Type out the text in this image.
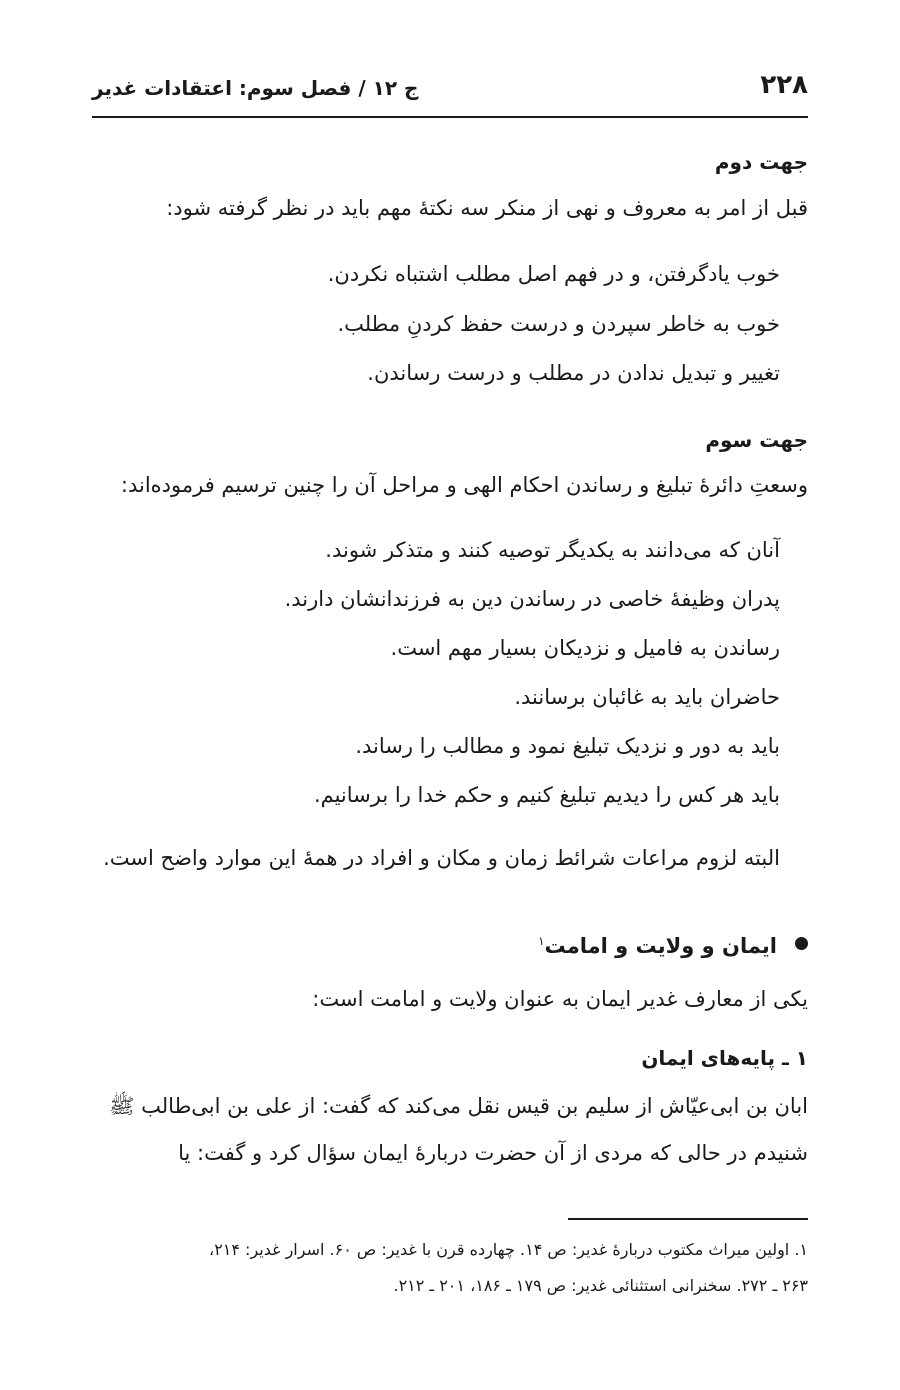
۲۲۸
ج ۱۲ / فصل سوم: اعتقادات غدیر
جهت دوم
قبل از امر به معروف و نهی از منکر سه نکتهٔ مهم باید در نظر گرفته شود:
خوب یادگرفتن، و در فهم اصل مطلب اشتباه نکردن.
خوب به خاطر سپردن و درست حفظ کردنِ مطلب.
تغییر و تبدیل ندادن در مطلب و درست رساندن.
جهت سوم
وسعتِ دائرهٔ تبلیغ و رساندن احکام الهی و مراحل آن را چنین ترسیم فرموده‌اند:
آنان که می‌دانند به یکدیگر توصیه کنند و متذکر شوند.
پدران وظیفهٔ خاصی در رساندن دین به فرزندانشان دارند.
رساندن به فامیل و نزدیکان بسیار مهم است.
حاضران باید به غائبان برسانند.
باید به دور و نزدیک تبلیغ نمود و مطالب را رساند.
باید هر کس را دیدیم تبلیغ کنیم و حکم خدا را برسانیم.
البته لزوم مراعات شرائط زمان و مکان و افراد در همهٔ این موارد واضح است.
ایمان و ولایت و امامت$^۱$
یکی از معارف غدیر ایمان به عنوان ولایت و امامت است:
۱ ـ پایه‌های ایمان
ابان بن ابی‌عیّاش از سلیم بن قیس نقل می‌کند که گفت: از علی بن ابی‌طالب ﷺ
شنیدم در حالی که مردی از آن حضرت دربارهٔ ایمان سؤال کرد و گفت: یا
۱. اولین میراث مکتوب دربارهٔ غدیر: ص ۱۴. چهارده قرن با غدیر: ص ۶۰. اسرار غدیر: ۲۱۴،
۲۶۳ ـ ۲۷۲. سخنرانی استثنائی غدیر: ص ۱۷۹ ـ ۱۸۶، ۲۰۱ ـ ۲۱۲.
